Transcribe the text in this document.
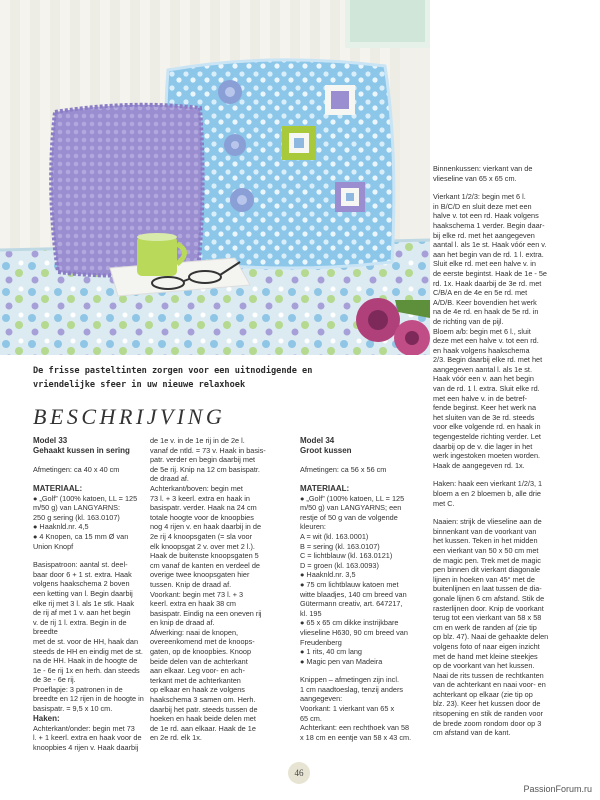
De frisse pasteltinten zorgen voor een uitnodigende en
vriendelijke sfeer in uw nieuwe relaxhoek
BESCHRIJVING

Model 33

Gehaakt kussen in sering

Afmetingen: ca 40 x 40 cm

MATERIAAL:

● „Golf” (100% katoen, LL = 125

m/50 g) van LANGYARNS:

250 g sering (kl. 163.0107)

● Haaknld.nr. 4,5

● 4 Knopen, ca 15 mm Ø van

Union Knopf

Basispatroon: aantal st. deel-

baar door 6 + 1 st. extra. Haak

volgens haakschema 2 boven

een ketting van l. Begin daarbij

elke rij met 3 l. als 1e stk. Haak

de rij af met 1 v. aan het begin

v. de rij 1 l. extra. Begin in de breedte

met de st. voor de HH, haak dan

steeds de HH en eindig met de st.

na de HH. Haak in de hoogte de

1e - 6e rij 1x en herh. dan steeds

de 3e - 6e rij.

Proeflapje: 3 patronen in de

breedte en 12 rijen in de hoogte in

basispatr. = 9,5 x 10 cm.

Haken:

Achterkant/onder: begin met 73

l. + 1 keerl. extra en haak voor de

knoopbies 4 rijen v. Haak daarbij

de 1e v. in de 1e rij in de 2e l.

vanaf de ntld. = 73 v. Haak in basis-

patr. verder en begin daarbij met

de 5e rij. Knip na 12 cm basispatr.

de draad af.

Achterkant/boven: begin met

73 l. + 3 keerl. extra en haak in

basispatr. verder. Haak na 24 cm

totale hoogte voor de knoopbies

nog 4 rijen v. en haak daarbij in de

2e rij 4 knoopsgaten (= sla voor

elk knoopsgat 2 v. over met 2 l.).

Haak de buitenste knoopsgaten 5

cm vanaf de kanten en verdeel de

overige twee knoopsgaten hier

tussen. Knip de draad af.

Voorkant: begin met 73 l. + 3

keerl. extra en haak 38 cm

basispatr. Eindig na een oneven rij

en knip de draad af.

Afwerking: naai de knopen,

overeenkomend met de knoops-

gaten, op de knoopbies. Knoop

beide delen van de achterkant

aan elkaar. Leg voor- en ach-

terkant met de achterkanten

op elkaar en haak ze volgens

haakschema 3 samen om. Herh.

daarbij het patr. steeds tussen de

hoeken en haak beide delen met

de 1e rd. aan elkaar. Haak de 1e

en 2e rd. elk 1x.

Model 34

Groot kussen

Afmetingen: ca 56 x 56 cm

MATERIAAL:

● „Golf” (100% katoen, LL = 125

m/50 g) van LANGYARNS; een

restje of 50 g van de volgende

kleuren:

A = wit (kl. 163.0001)

B = sering (kl. 163.0107)

C = lichtblauw (kl. 163.0121)

D = groen (kl. 163.0093)

● Haaknld.nr. 3,5

● 75 cm lichtblauw katoen met

witte blaadjes, 140 cm breed van

Gütermann creativ, art. 647217,

kl. 195

● 65 x 65 cm dikke instrijkbare

vlieseline H630, 90 cm breed van

Freudenberg

● 1 rits, 40 cm lang

● Magic pen van Madeira

Knippen – afmetingen zijn incl.

1 cm naadtoeslag, tenzij anders

aangegeven:

Voorkant: 1 vierkant van 65 x

65 cm.

Achterkant: een rechthoek van 58

x 18 cm en eentje van 58 x 43 cm.

Binnenkussen: vierkant van de

vlieseline van 65 x 65 cm.

Vierkant 1/2/3: begin met 6 l.

in B/C/D en sluit deze met een

halve v. tot een rd. Haak volgens

haakschema 1 verder. Begin daar-

bij elke rd. met het aangegeven

aantal l. als 1e st. Haak vóór een v.

aan het begin van de rd. 1 l. extra.

Sluit elke rd. met een halve v. in

de eerste begintst. Haak de 1e - 5e

rd. 1x. Haak daarbij de 3e rd. met

C/B/A en de 4e en 5e rd. met

A/D/B. Keer bovendien het werk

na de 4e rd. en haak de 5e rd. in

de richting van de pijl.

Bloem a/b: begin met 6 l., sluit

deze met een halve v. tot een rd.

en haak volgens haakschema

2/3. Begin daarbij elke rd. met het

aangegeven aantal l. als 1e st.

Haak vóór een v. aan het begin

van de rd. 1 l. extra. Sluit elke rd.

met een halve v. in de betref-

fende beginst. Keer het werk na

het sluiten van de 3e rd. steeds

voor elke volgende rd. en haak in

tegengestelde richting verder. Let

daarbij op de v. die lager in het

werk ingestoken moeten worden.

Haak de aangegeven rd. 1x.

Haken: haak een vierkant 1/2/3, 1

bloem a en 2 bloemen b, alle drie

met C.

Naaien: strijk de vlieseline aan de

binnenkant van de voorkant van

het kussen. Teken in het midden

een vierkant van 50 x 50 cm met

de magic pen. Trek met de magic

pen binnen dit vierkant diagonale

lijnen in hoeken van 45° met de

buitenlijnen en laat tussen de dia-

gonale lijnen 6 cm afstand. Stik de

rasterlijnen door. Knip de voorkant

terug tot een vierkant van 58 x 58

cm en werk de randen af (zie tip

op blz. 47). Naai de gehaakte delen

volgens foto of naar eigen inzicht

met de hand met kleine steekjes

op de voorkant van het kussen.

Naai de rits tussen de rechtkanten

van de achterkant en naai voor- en

achterkant op elkaar (zie tip op

blz. 23). Keer het kussen door de

ritsopening en stik de randen voor

de brede zoom rondom door op 3

cm afstand van de kant.

46
PassionForum.ru
